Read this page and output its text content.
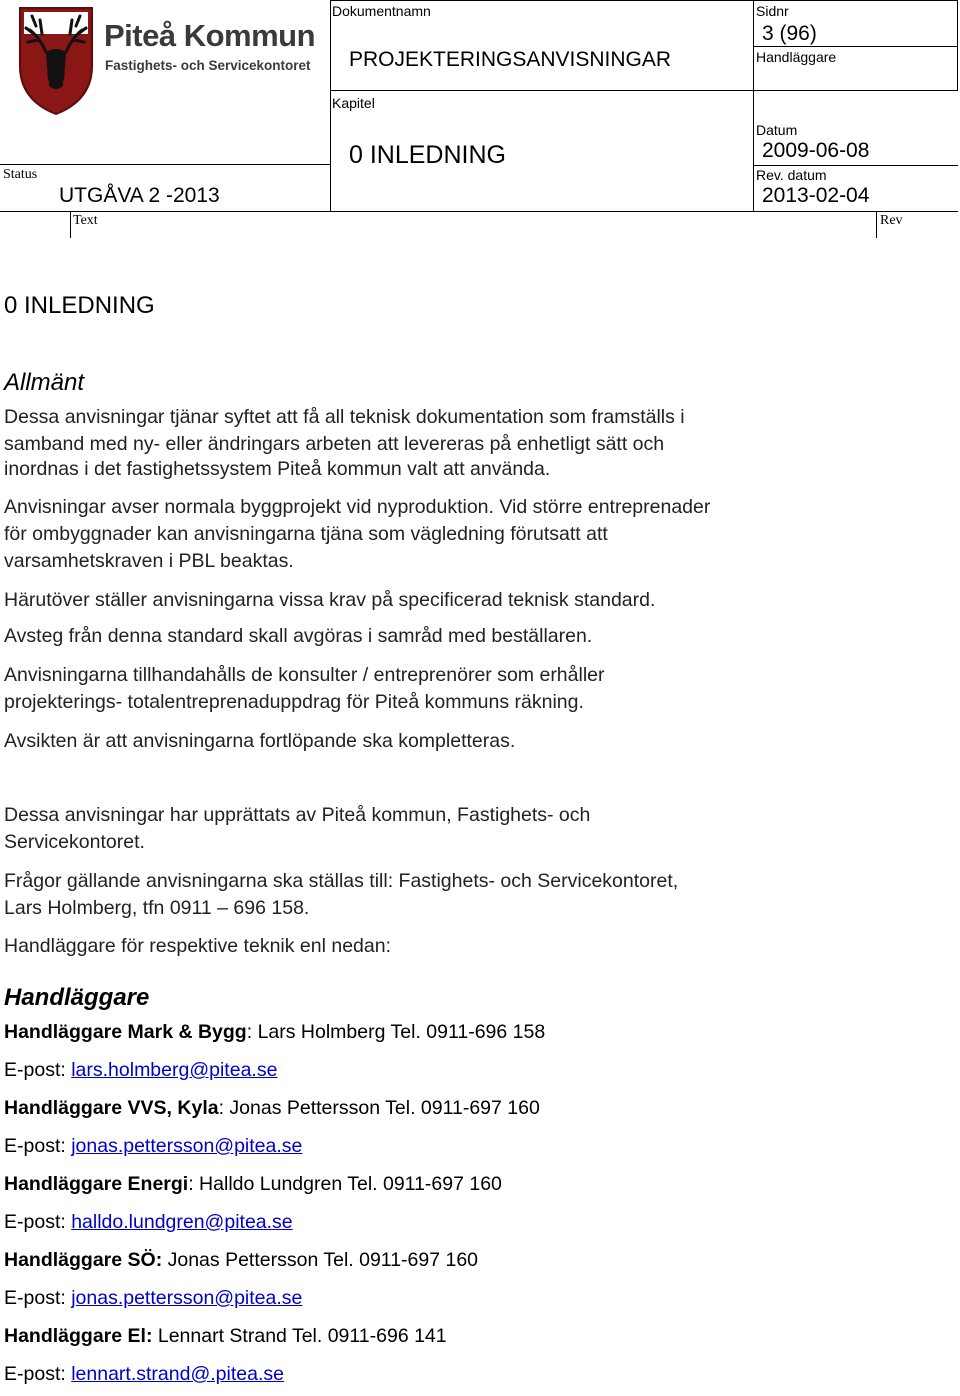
Piteå Kommun
Fastighets- och Servicekontoret
Dokumentnamn
PROJEKTERINGSANVISNINGAR
Sidnr
3 (96)
Handläggare
Kapitel
0 INLEDNING
Datum
2009-06-08
Status
UTGÅVA 2 -2013
Rev. datum
2013-02-04
Text	Rev
0 INLEDNING
Allmänt
Dessa anvisningar tjänar syftet att få all teknisk dokumentation som framställs i
samband med ny- eller ändringars arbeten att levereras på enhetligt sätt och
inordnas i det fastighetssystem Piteå kommun valt att använda.
Anvisningar avser normala byggprojekt vid nyproduktion. Vid större entreprenader
för ombyggnader kan anvisningarna tjäna som vägledning förutsatt att
varsamhetskraven i PBL beaktas.
Härutöver ställer anvisningarna vissa krav på specificerad teknisk standard.
Avsteg från denna standard skall avgöras i samråd med beställaren.
Anvisningarna tillhandahålls de konsulter / entreprenörer som erhåller
projekterings- totalentreprenaduppdrag för Piteå kommuns räkning.
Avsikten är att anvisningarna fortlöpande ska kompletteras.
Dessa anvisningar har upprättats av Piteå kommun, Fastighets- och
Servicekontoret.
Frågor gällande anvisningarna ska ställas till: Fastighets- och Servicekontoret,
Lars Holmberg, tfn 0911 – 696 158.
Handläggare för respektive teknik enl nedan:
Handläggare
Handläggare Mark & Bygg: Lars Holmberg Tel. 0911-696 158
E-post: lars.holmberg@pitea.se
Handläggare VVS, Kyla: Jonas Pettersson Tel. 0911-697 160
E-post: jonas.pettersson@pitea.se
Handläggare Energi: Halldo Lundgren Tel. 0911-697 160
E-post: halldo.lundgren@pitea.se
Handläggare SÖ: Jonas Pettersson Tel. 0911-697 160
E-post: jonas.pettersson@pitea.se
Handläggare El: Lennart Strand Tel. 0911-696 141
E-post: lennart.strand@.pitea.se
